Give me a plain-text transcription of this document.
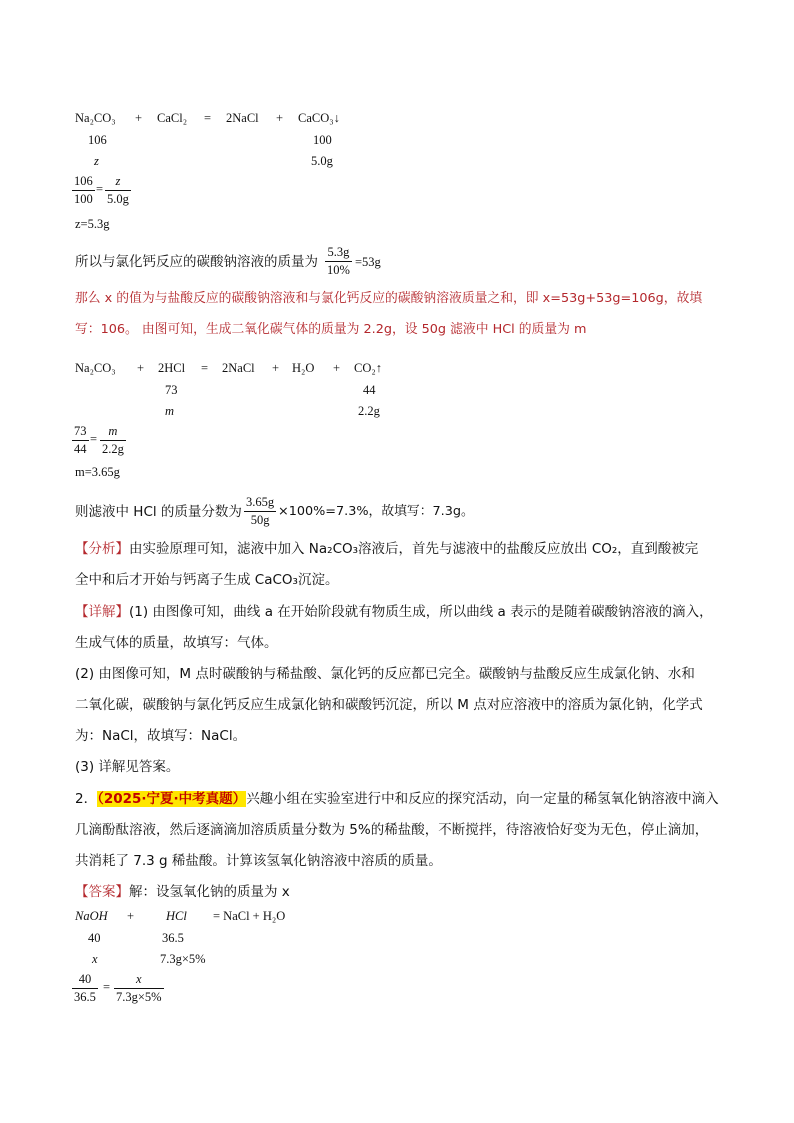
Na₂CO₃ + CaCl₂ = 2NaCl + CaCO₃↓
106	100
z	5.0g
$\frac{106}{100} = \frac{z}{5.0g}$
z=5.3g
所以与氯化钙反应的碳酸钠溶液的质量为 $\frac{5.3g}{10\%} =53g$
那么 x 的值为与盐酸反应的碳酸钠溶液和与氯化钙反应的碳酸钠溶液质量之和，即 x=53g+53g=106g，故填
写：106。 由图可知，生成二氧化碳气体的质量为 2.2g，设 50g 滤液中 HCl 的质量为 m
Na₂CO₃ + 2HCl = 2NaCl + H₂O + CO₂↑
73	44
m	2.2g
$\frac{73}{44} = \frac{m}{2.2g}$
m=3.65g
则滤液中 HCl 的质量分数为 $\frac{3.65g}{50g} \times 100\%=7.3\%$，故填写：7.3g。
【分析】由实验原理可知，滤液中加入 Na₂CO₃溶液后，首先与滤液中的盐酸反应放出 CO₂，直到酸被完
全中和后才开始与钙离子生成 CaCO₃沉淀。
【详解】(1) 由图像可知，曲线 a 在开始阶段就有物质生成，所以曲线 a 表示的是随着碳酸钠溶液的滴入，
生成气体的质量，故填写：气体。
(2) 由图像可知，M 点时碳酸钠与稀盐酸、氯化钙的反应都已完全。碳酸钠与盐酸反应生成氯化钠、水和
二氧化碳，碳酸钠与氯化钙反应生成氯化钠和碳酸钙沉淀，所以 M 点对应溶液中的溶质为氯化钠，化学式
为：NaCl，故填写：NaCl。
(3) 详解见答案。
2．（2025·宁夏·中考真题）兴趣小组在实验室进行中和反应的探究活动，向一定量的稀氢氧化钠溶液中滴入
几滴酚酞溶液，然后逐滴滴加溶质质量分数为 5%的稀盐酸，不断搅拌，待溶液恰好变为无色，停止滴加，
共消耗了 7.3 g 稀盐酸。计算该氢氧化钠溶液中溶质的质量。
【答案】解：设氢氧化钠的质量为 x
NaOH +	HCl = NaCl + H₂O
40	36.5
x	7.3g×5%
$\frac{40}{36.5} = \frac{x}{7.3g\times 5\%}$
